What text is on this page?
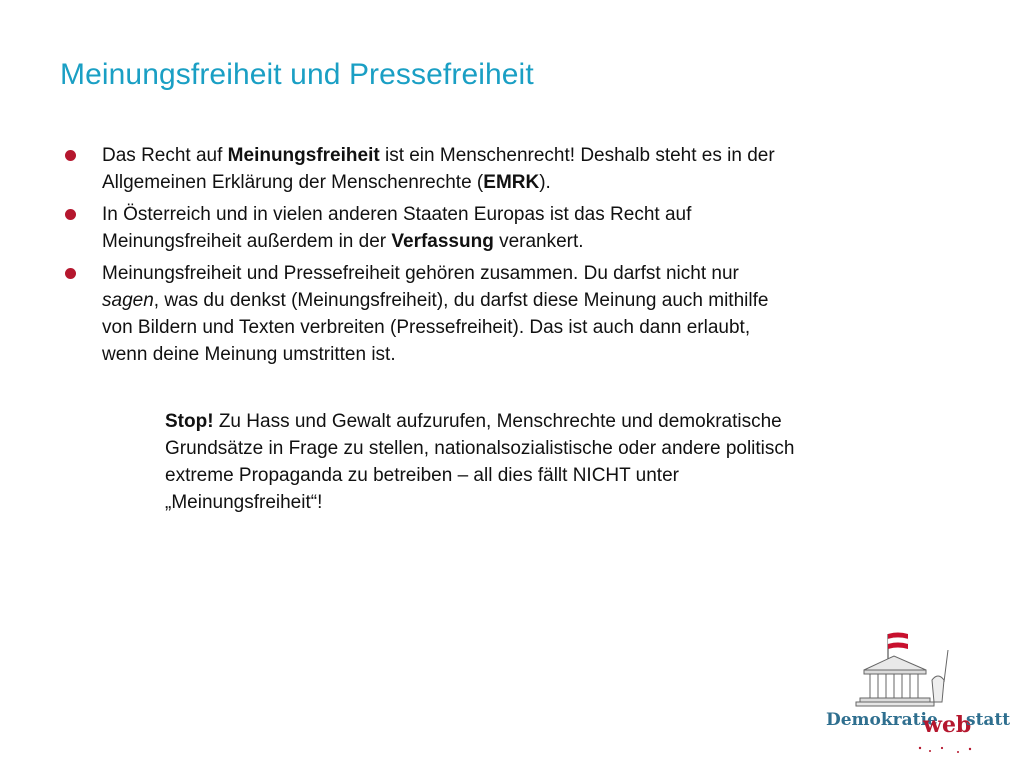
Meinungsfreiheit und Pressefreiheit
Das Recht auf Meinungsfreiheit ist ein Menschenrecht! Deshalb steht es in der
Allgemeinen Erklärung der Menschenrechte (EMRK).
In Österreich und in vielen anderen Staaten Europas ist das Recht auf
Meinungsfreiheit außerdem in der Verfassung verankert.
Meinungsfreiheit und Pressefreiheit gehören zusammen. Du darfst nicht nur
sagen, was du denkst (Meinungsfreiheit), du darfst diese Meinung auch mithilfe
von Bildern und Texten verbreiten (Pressefreiheit). Das ist auch dann erlaubt,
wenn deine Meinung umstritten ist.
Stop! Zu Hass und Gewalt aufzurufen, Menschrechte und demokratische
Grundsätze in Frage zu stellen, nationalsozialistische oder andere politisch
extreme Propaganda zu betreiben – all dies fällt NICHT unter
„Meinungsfreiheit“!
Demokratie
web
statt
